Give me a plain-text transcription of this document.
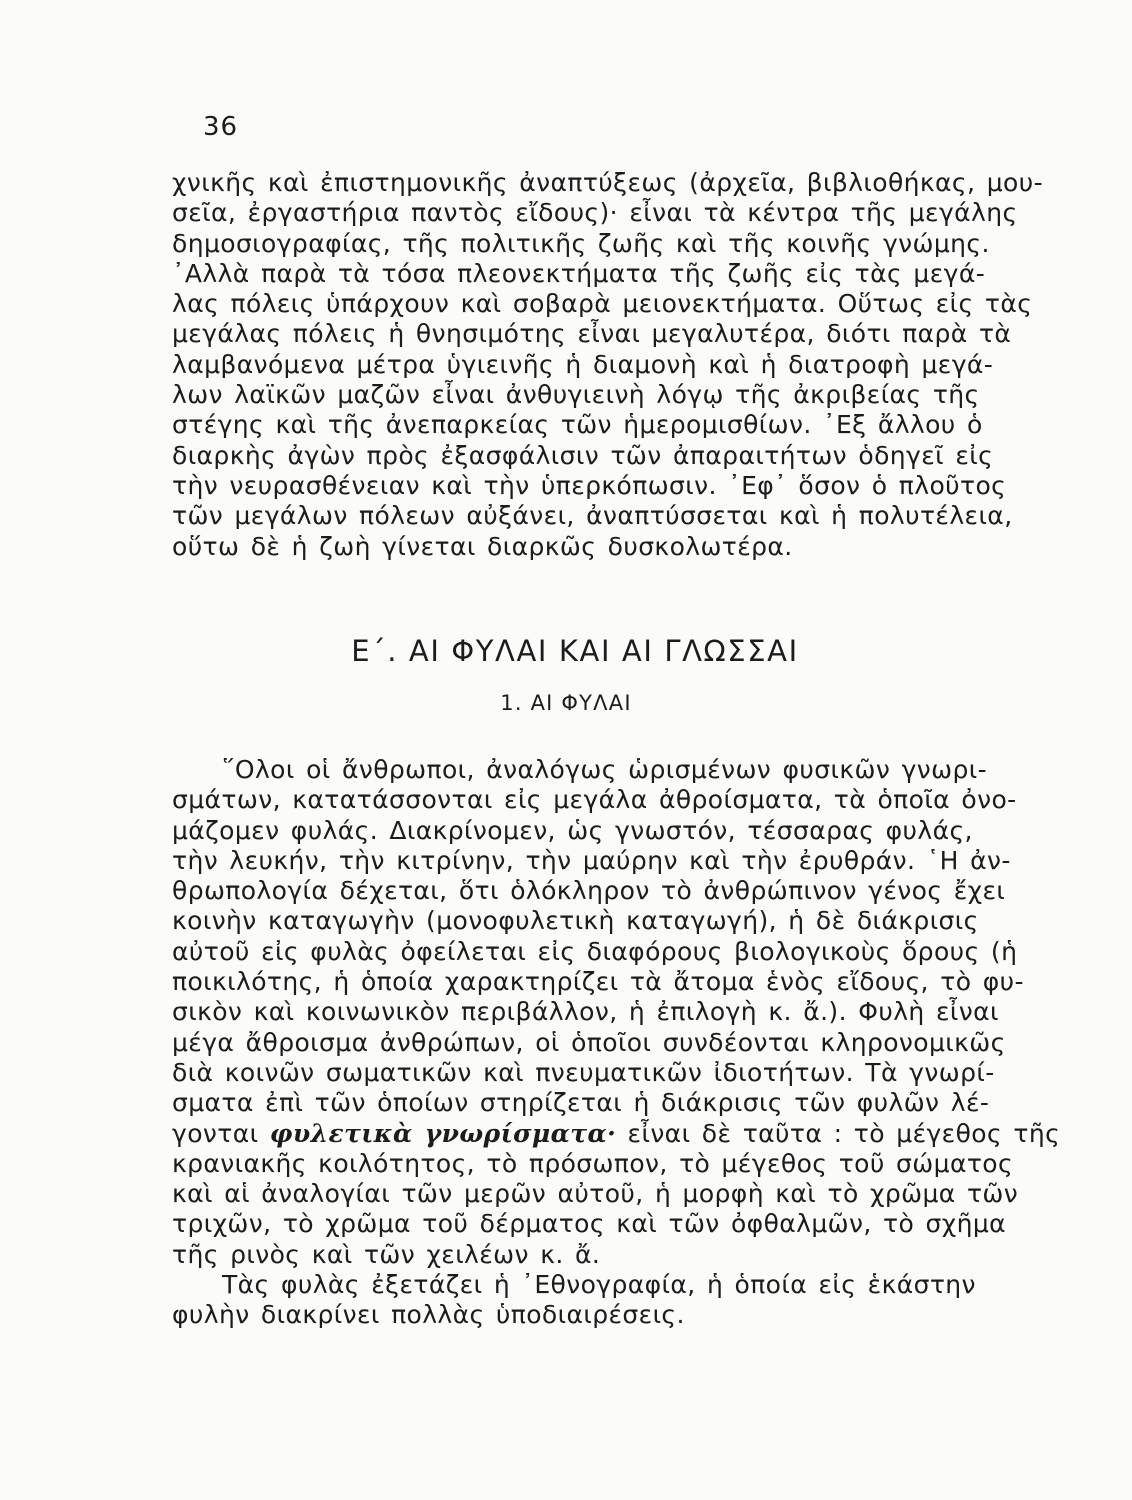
36
χνικῆς καὶ ἐπιστημονικῆς ἀναπτύξεως (ἀρχεῖα, βιβλιοθήκας, μου-
σεῖα, ἐργαστήρια παντὸς εἴδους)· εἶναι τὰ κέντρα τῆς μεγάλης
δημοσιογραφίας, τῆς πολιτικῆς ζωῆς καὶ τῆς κοινῆς γνώμης.
᾿Αλλὰ παρὰ τὰ τόσα πλεονεκτήματα τῆς ζωῆς εἰς τὰς μεγά-
λας πόλεις ὑπάρχουν καὶ σοβαρὰ μειονεκτήματα. Οὕτως εἰς τὰς
μεγάλας πόλεις ἡ θνησιμότης εἶναι μεγαλυτέρα, διότι παρὰ τὰ
λαμβανόμενα μέτρα ὑγιεινῆς ἡ διαμονὴ καὶ ἡ διατροφὴ μεγά-
λων λαϊκῶν μαζῶν εἶναι ἀνθυγιεινὴ λόγῳ τῆς ἀκριβείας τῆς
στέγης καὶ τῆς ἀνεπαρκείας τῶν ἡμερομισθίων. ᾿Εξ ἄλλου ὁ
διαρκὴς ἀγὼν πρὸς ἐξασφάλισιν τῶν ἀπαραιτήτων ὁδηγεῖ εἰς
τὴν νευρασθένειαν καὶ τὴν ὑπερκόπωσιν. ᾿Εφ᾿ ὅσον ὁ πλοῦτος
τῶν μεγάλων πόλεων αὐξάνει, ἀναπτύσσεται καὶ ἡ πολυτέλεια,
οὕτω δὲ ἡ ζωὴ γίνεται διαρκῶς δυσκολωτέρα.
Ε΄. ΑΙ ΦΥΛΑΙ ΚΑΙ ΑΙ ΓΛΩΣΣΑΙ
1. ΑΙ ΦΥΛΑΙ
῞Ολοι οἱ ἄνθρωποι, ἀναλόγως ὡρισμένων φυσικῶν γνωρι-
σμάτων, κατατάσσονται εἰς μεγάλα ἀθροίσματα, τὰ ὁποῖα ὀνο-
μάζομεν φυλάς. Διακρίνομεν, ὡς γνωστόν, τέσσαρας φυλάς,
τὴν λευκήν, τὴν κιτρίνην, τὴν μαύρην καὶ τὴν ἐρυθράν. ῾Η ἀν-
θρωπολογία δέχεται, ὅτι ὁλόκληρον τὸ ἀνθρώπινον γένος ἔχει
κοινὴν καταγωγὴν (μονοφυλετικὴ καταγωγή), ἡ δὲ διάκρισις
αὐτοῦ εἰς φυλὰς ὀφείλεται εἰς διαφόρους βιολογικοὺς ὅρους (ἡ
ποικιλότης, ἡ ὁποία χαρακτηρίζει τὰ ἄτομα ἑνὸς εἴδους, τὸ φυ-
σικὸν καὶ κοινωνικὸν περιβάλλον, ἡ ἐπιλογὴ κ. ἄ.). Φυλὴ εἶναι
μέγα ἄθροισμα ἀνθρώπων, οἱ ὁποῖοι συνδέονται κληρονομικῶς
διὰ κοινῶν σωματικῶν καὶ πνευματικῶν ἰδιοτήτων. Τὰ γνωρί-
σματα ἐπὶ τῶν ὁποίων στηρίζεται ἡ διάκρισις τῶν φυλῶν λέ-
γονται φυλετικὰ γνωρίσματα· εἶναι δὲ ταῦτα : τὸ μέγεθος τῆς
κρανιακῆς κοιλότητος, τὸ πρόσωπον, τὸ μέγεθος τοῦ σώματος
καὶ αἱ ἀναλογίαι τῶν μερῶν αὐτοῦ, ἡ μορφὴ καὶ τὸ χρῶμα τῶν
τριχῶν, τὸ χρῶμα τοῦ δέρματος καὶ τῶν ὀφθαλμῶν, τὸ σχῆμα
τῆς ρινὸς καὶ τῶν χειλέων κ. ἄ.
Τὰς φυλὰς ἐξετάζει ἡ ᾿Εθνογραφία, ἡ ὁποία εἰς ἑκάστην
φυλὴν διακρίνει πολλὰς ὑποδιαιρέσεις.
